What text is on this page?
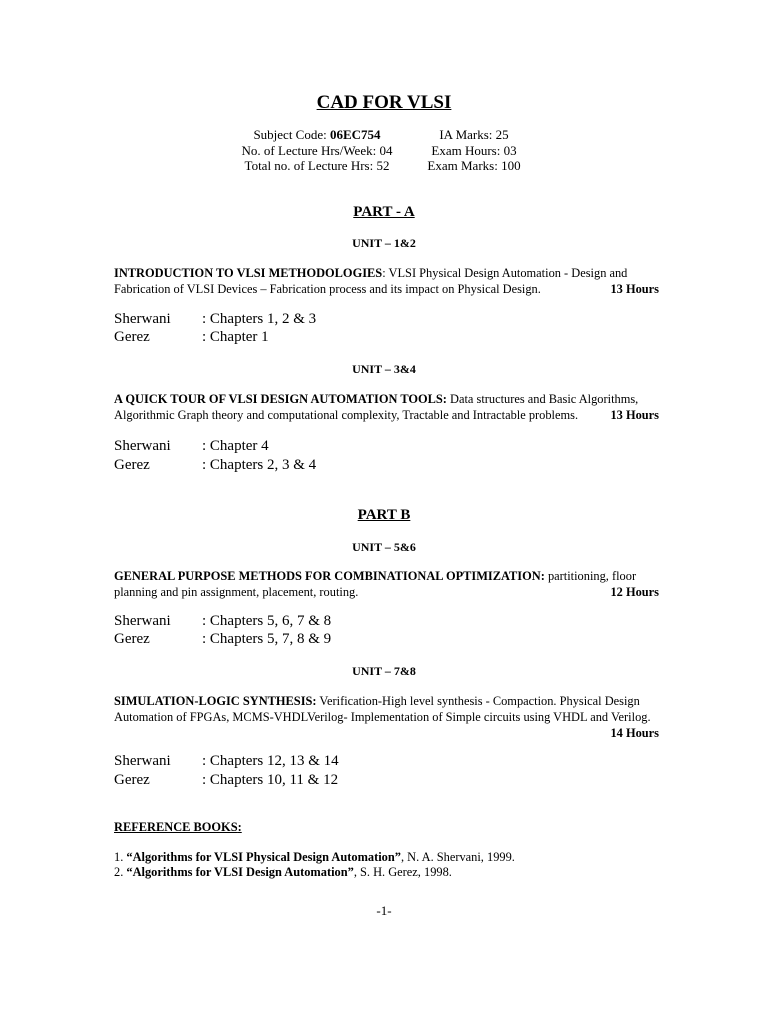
CAD FOR VLSI
Subject Code: 06EC754
No. of Lecture Hrs/Week: 04
Total no. of Lecture Hrs: 52
IA Marks: 25
Exam Hours: 03
Exam Marks: 100
PART - A
UNIT – 1&2
INTRODUCTION TO VLSI METHODOLOGIES: VLSI Physical Design Automation - Design and Fabrication of VLSI Devices – Fabrication process and its impact on Physical Design.	13 Hours
Sherwani : Chapters 1, 2 & 3
Gerez	: Chapter 1
UNIT – 3&4
A QUICK TOUR OF VLSI DESIGN AUTOMATION TOOLS: Data structures and Basic Algorithms, Algorithmic Graph theory and computational complexity, Tractable and Intractable problems.	13 Hours
Sherwani : Chapter 4
Gerez	: Chapters 2, 3 & 4
PART B
UNIT – 5&6
GENERAL PURPOSE METHODS FOR COMBINATIONAL OPTIMIZATION: partitioning, floor planning and pin assignment, placement, routing.	12 Hours
Sherwani : Chapters 5, 6, 7 & 8
Gerez	: Chapters 5, 7, 8 & 9
UNIT – 7&8
SIMULATION-LOGIC SYNTHESIS: Verification-High level synthesis - Compaction. Physical Design Automation of FPGAs, MCMS-VHDLVerilog- Implementation of Simple circuits using VHDL and Verilog.
14 Hours
Sherwani : Chapters 12, 13 & 14
Gerez	: Chapters 10, 11 & 12
REFERENCE BOOKS:
1. “Algorithms for VLSI Physical Design Automation”, N. A. Shervani, 1999.
2. “Algorithms for VLSI Design Automation”, S. H. Gerez, 1998.
-1-
